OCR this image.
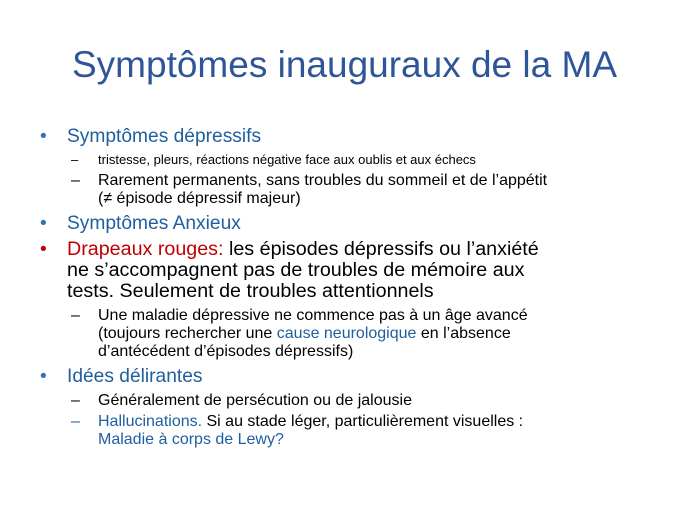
Symptômes inauguraux de la MA
• Symptômes dépressifs
– tristesse, pleurs, réactions négative face aux oublis et aux échecs
– Rarement permanents, sans troubles du sommeil et de l’appétit
(≠ épisode dépressif majeur)
• Symptômes Anxieux
• Drapeaux rouges: les épisodes dépressifs ou l’anxiété
ne s’accompagnent pas de troubles de mémoire aux
tests. Seulement de troubles attentionnels
– Une maladie dépressive ne commence pas à un âge avancé
(toujours rechercher une cause neurologique en l’absence
d’antécédent d’épisodes dépressifs)
• Idées délirantes
– Généralement de persécution ou de jalousie
– Hallucinations. Si au stade léger, particulièrement visuelles :
Maladie à corps de Lewy?
